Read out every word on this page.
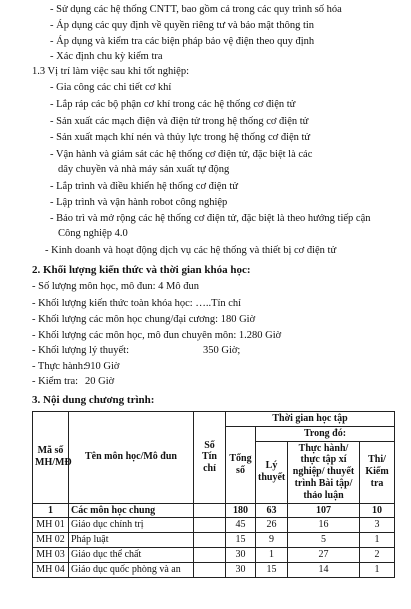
- Sử dụng các hệ thống CNTT, bao gồm cả trong các quy trình số hóa
- Áp dụng các quy định về quyền riêng tư và bảo mật thông tin
- Áp dụng và kiểm tra các biện pháp bảo vệ điện theo quy định
- Xác định chu kỳ kiểm tra
1.3 Vị trí làm việc sau khi tốt nghiệp:
- Gia công các chi tiết cơ khí
- Lắp ráp các bộ phận cơ khí trong các hệ thống cơ điện tử
- Sản xuất các mạch điện và điện tử trong hệ thống cơ điện tử
- Sản xuất mạch khí nén và thủy lực trong hệ thống cơ điện tử
- Vận hành và giám sát các hệ thống cơ điện tử, đặc biệt là các
dây chuyền và nhà máy sản xuất tự động
- Lắp trình và điều khiển hệ thống cơ điện tử
- Lập trình và vận hành robot công nghiệp
- Bảo trì và mở rộng các hệ thống cơ điện tử, đặc biệt là theo hướng tiếp cận
Công nghiệp 4.0
- Kinh doanh và hoạt động dịch vụ các hệ thống và thiết bị cơ điện tử
2. Khối lượng kiến thức và thời gian khóa học:
- Số lượng môn học, mô đun: 4 Mô đun
- Khối lượng kiến thức toàn khóa học: …..Tín chỉ
- Khối lượng các môn học chung/đại cương: 180 Giờ
- Khối lượng các môn học, mô đun chuyên môn: 1.280 Giờ
- Khối lượng lý thuyết:	350 Giờ;
- Thực hành: 910 Giờ
- Kiểm tra: 20 Giờ
3. Nội dung chương trình:
Mã số MH/MĐ	Tên môn học/Mô đun	Số Tín chỉ	Thời gian học tập			
			Tổng số	Trong đó:		
				Lý thuyết	Thực hành/ thực tập xí nghiệp/ thuyết trình Bài tập/ thảo luận	Thi/ Kiểm tra
1	Các môn học chung		180	63	107	10
MH 01	Giáo dục chính trị		45	26	16	3
MH 02	Pháp luật		15	9	5	1
MH 03	Giáo dục thể chất		30	1	27	2
MH 04	Giáo dục quốc phòng và an		30	15	14	1
